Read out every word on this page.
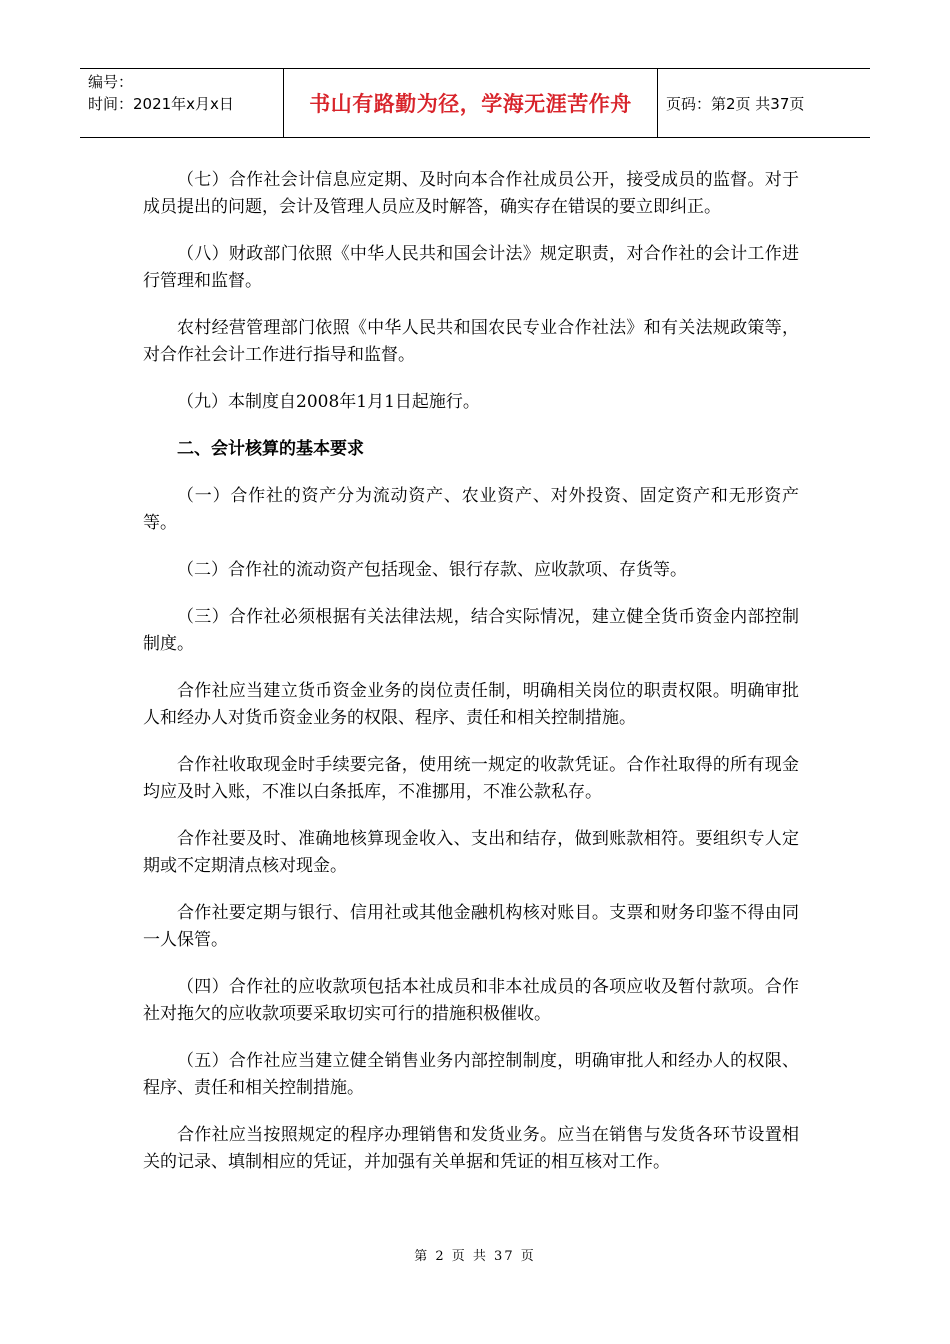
编号：
时间：2021年x月x日	书山有路勤为径，学海无涯苦作舟	页码：第2页 共37页

（七）合作社会计信息应定期、及时向本合作社成员公开，接受成员的监督。对于成员提出的问题，会计及管理人员应及时解答，确实存在错误的要立即纠正。

（八）财政部门依照《中华人民共和国会计法》规定职责，对合作社的会计工作进行管理和监督。

农村经营管理部门依照《中华人民共和国农民专业合作社法》和有关法规政策等，对合作社会计工作进行指导和监督。

（九）本制度自2008年1月1日起施行。

二、会计核算的基本要求

（一）合作社的资产分为流动资产、农业资产、对外投资、固定资产和无形资产等。

（二）合作社的流动资产包括现金、银行存款、应收款项、存货等。

（三）合作社必须根据有关法律法规，结合实际情况，建立健全货币资金内部控制制度。

合作社应当建立货币资金业务的岗位责任制，明确相关岗位的职责权限。明确审批人和经办人对货币资金业务的权限、程序、责任和相关控制措施。

合作社收取现金时手续要完备，使用统一规定的收款凭证。合作社取得的所有现金均应及时入账，不准以白条抵库，不准挪用，不准公款私存。

合作社要及时、准确地核算现金收入、支出和结存，做到账款相符。要组织专人定期或不定期清点核对现金。

合作社要定期与银行、信用社或其他金融机构核对账目。支票和财务印鉴不得由同一人保管。

（四）合作社的应收款项包括本社成员和非本社成员的各项应收及暂付款项。合作社对拖欠的应收款项要采取切实可行的措施积极催收。

（五）合作社应当建立健全销售业务内部控制制度，明确审批人和经办人的权限、程序、责任和相关控制措施。

合作社应当按照规定的程序办理销售和发货业务。应当在销售与发货各环节设置相关的记录、填制相应的凭证，并加强有关单据和凭证的相互核对工作。

第 2 页 共 37 页
